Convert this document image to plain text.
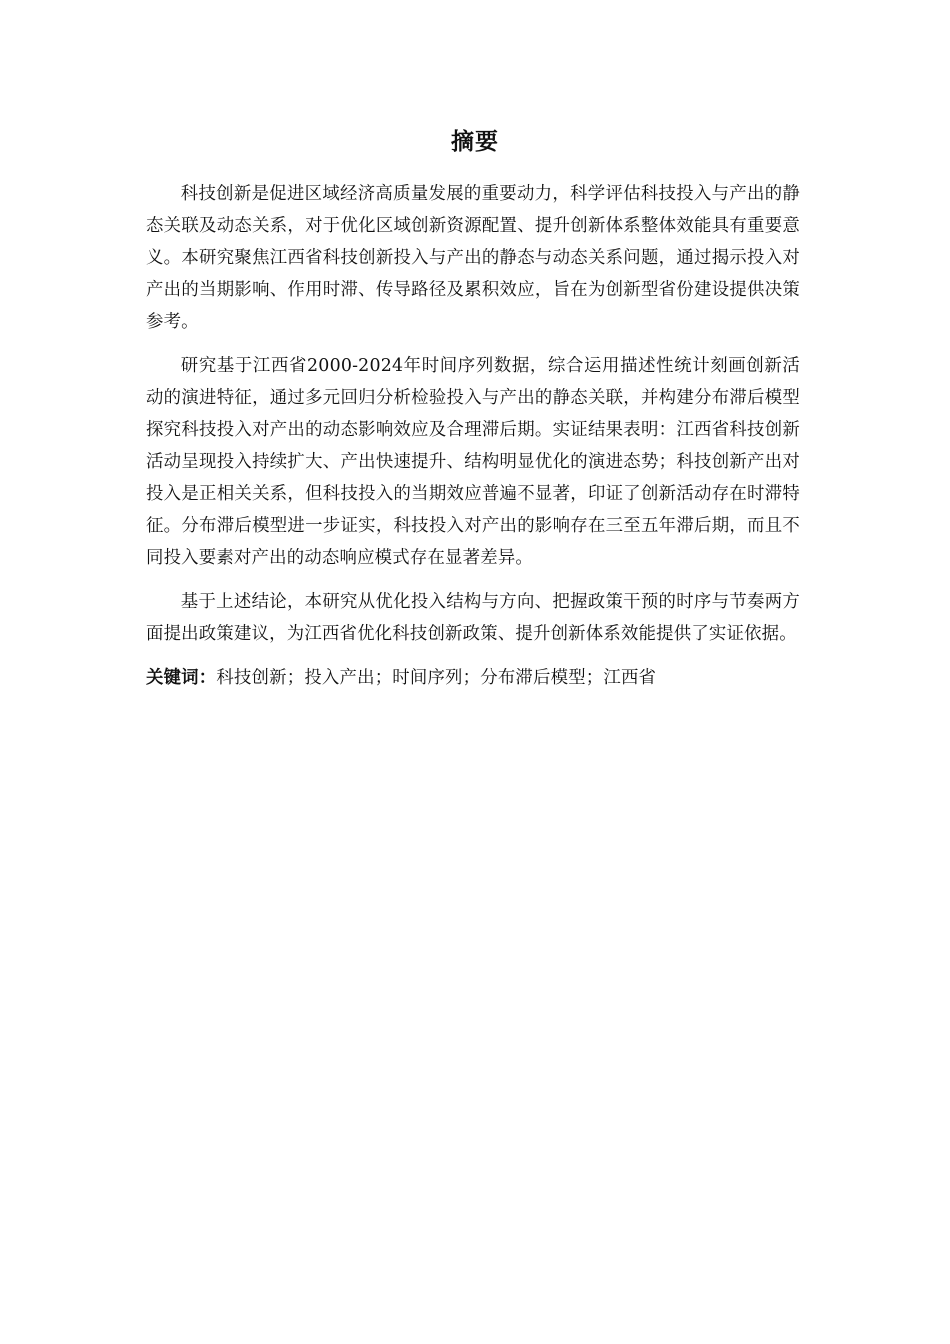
摘要

科技创新是促进区域经济高质量发展的重要动力，科学评估科技投入与产出的静态关联及动态关系，对于优化区域创新资源配置、提升创新体系整体效能具有重要意义。本研究聚焦江西省科技创新投入与产出的静态与动态关系问题，通过揭示投入对产出的当期影响、作用时滞、传导路径及累积效应，旨在为创新型省份建设提供决策参考。

研究基于江西省2000-2024年时间序列数据，综合运用描述性统计刻画创新活动的演进特征，通过多元回归分析检验投入与产出的静态关联，并构建分布滞后模型探究科技投入对产出的动态影响效应及合理滞后期。实证结果表明：江西省科技创新活动呈现投入持续扩大、产出快速提升、结构明显优化的演进态势；科技创新产出对投入是正相关关系，但科技投入的当期效应普遍不显著，印证了创新活动存在时滞特征。分布滞后模型进一步证实，科技投入对产出的影响存在三至五年滞后期，而且不同投入要素对产出的动态响应模式存在显著差异。

基于上述结论，本研究从优化投入结构与方向、把握政策干预的时序与节奏两方面提出政策建议，为江西省优化科技创新政策、提升创新体系效能提供了实证依据。

关键词：科技创新；投入产出；时间序列；分布滞后模型；江西省
